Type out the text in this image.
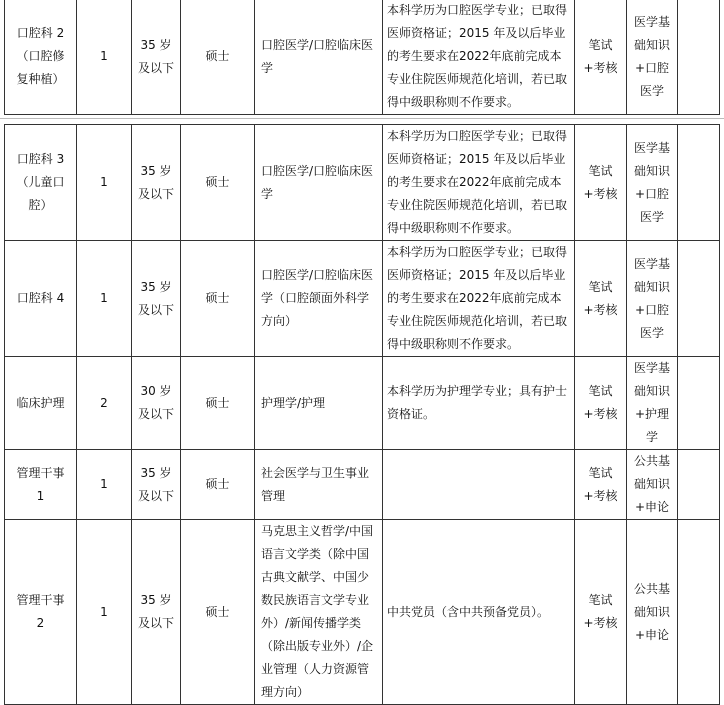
口腔科 2（口腔修复种植）	1	35 岁及以下	硕士	口腔医学/口腔临床医学	本科学历为口腔医学专业；已取得医师资格证；2015 年及以后毕业的考生要求在2022年底前完成本专业住院医师规范化培训，若已取得中级职称则不作要求。	笔试+考核	医学基础知识+口腔医学	
口腔科 3（儿童口腔）	1	35 岁及以下	硕士	口腔医学/口腔临床医学	本科学历为口腔医学专业；已取得医师资格证；2015 年及以后毕业的考生要求在2022年底前完成本专业住院医师规范化培训，若已取得中级职称则不作要求。	笔试+考核	医学基础知识+口腔医学	
口腔科 4	1	35 岁及以下	硕士	口腔医学/口腔临床医学（口腔颌面外科学方向）	本科学历为口腔医学专业；已取得医师资格证；2015 年及以后毕业的考生要求在2022年底前完成本专业住院医师规范化培训，若已取得中级职称则不作要求。	笔试+考核	医学基础知识+口腔医学	
临床护理	2	30 岁及以下	硕士	护理学/护理	本科学历为护理学专业；具有护士资格证。	笔试+考核	医学基础知识+护理学	
管理干事 1	1	35 岁及以下	硕士	社会医学与卫生事业管理		笔试+考核	公共基础知识+申论	
管理干事 2	1	35 岁及以下	硕士	马克思主义哲学/中国语言文学类（除中国古典文献学、中国少数民族语言文学专业外）/新闻传播学类（除出版专业外）/企业管理（人力资源管理方向）	中共党员（含中共预备党员）。	笔试+考核	公共基础知识+申论	
